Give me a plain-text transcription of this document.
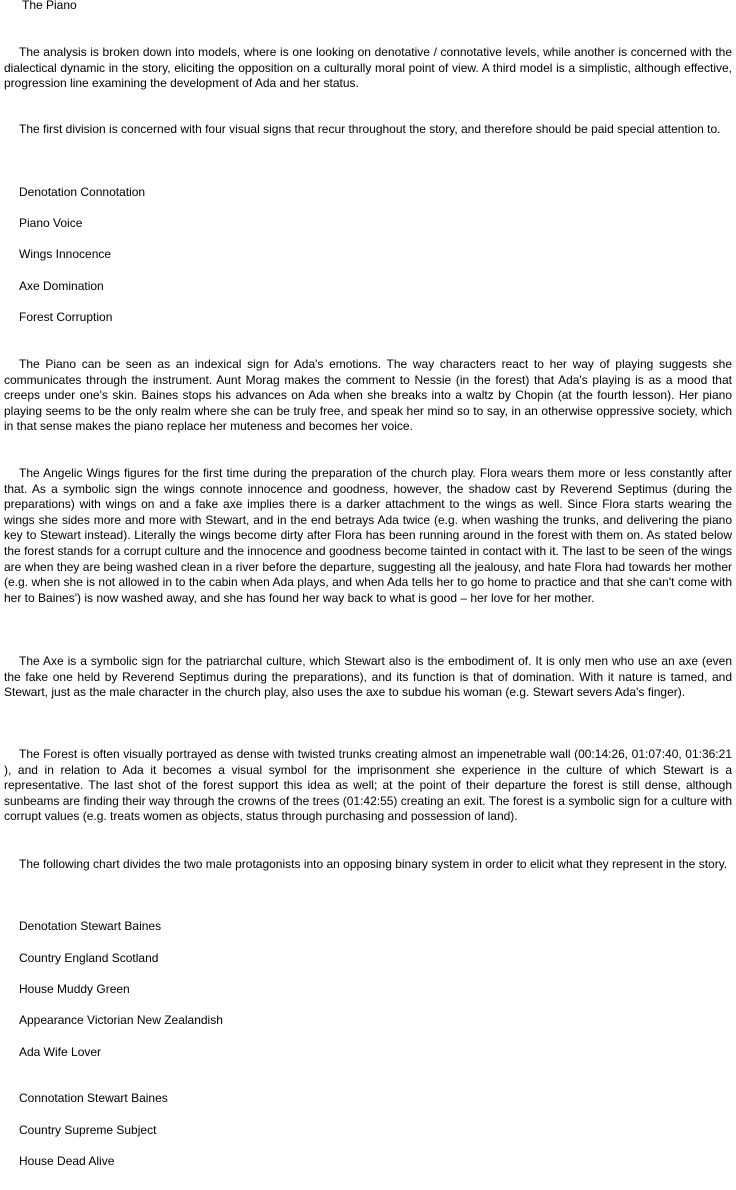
The Piano

The analysis is broken down into models, where is one looking on denotative / connotative levels, while another is concerned with the dialectical dynamic in the story, eliciting the opposition on a culturally moral point of view. A third model is a simplistic, although effective, progression line examining the development of Ada and her status.

The first division is concerned with four visual signs that recur throughout the story, and therefore should be paid special attention to.

Denotation Connotation
Piano Voice
Wings Innocence
Axe Domination
Forest Corruption

The Piano can be seen as an indexical sign for Ada's emotions. The way characters react to her way of playing suggests she communicates through the instrument. Aunt Morag makes the comment to Nessie (in the forest) that Ada's playing is as a mood that creeps under one's skin. Baines stops his advances on Ada when she breaks into a waltz by Chopin (at the fourth lesson). Her piano playing seems to be the only realm where she can be truly free, and speak her mind so to say, in an otherwise oppressive society, which in that sense makes the piano replace her muteness and becomes her voice.

The Angelic Wings figures for the first time during the preparation of the church play. Flora wears them more or less constantly after that. As a symbolic sign the wings connote innocence and goodness, however, the shadow cast by Reverend Septimus (during the preparations) with wings on and a fake axe implies there is a darker attachment to the wings as well. Since Flora starts wearing the wings she sides more and more with Stewart, and in the end betrays Ada twice (e.g. when washing the trunks, and delivering the piano key to Stewart instead). Literally the wings become dirty after Flora has been running around in the forest with them on. As stated below the forest stands for a corrupt culture and the innocence and goodness become tainted in contact with it. The last to be seen of the wings are when they are being washed clean in a river before the departure, suggesting all the jealousy, and hate Flora had towards her mother (e.g. when she is not allowed in to the cabin when Ada plays, and when Ada tells her to go home to practice and that she can't come with her to Baines') is now washed away, and she has found her way back to what is good – her love for her mother.

The Axe is a symbolic sign for the patriarchal culture, which Stewart also is the embodiment of. It is only men who use an axe (even the fake one held by Reverend Septimus during the preparations), and its function is that of domination. With it nature is tamed, and Stewart, just as the male character in the church play, also uses the axe to subdue his woman (e.g. Stewart severs Ada's finger).

The Forest is often visually portrayed as dense with twisted trunks creating almost an impenetrable wall (00:14:26, 01:07:40, 01:36:21 ), and in relation to Ada it becomes a visual symbol for the imprisonment she experience in the culture of which Stewart is a representative. The last shot of the forest support this idea as well; at the point of their departure the forest is still dense, although sunbeams are finding their way through the crowns of the trees (01:42:55) creating an exit. The forest is a symbolic sign for a culture with corrupt values (e.g. treats women as objects, status through purchasing and possession of land).

The following chart divides the two male protagonists into an opposing binary system in order to elicit what they represent in the story.

Denotation Stewart Baines
Country England Scotland
House Muddy Green
Appearance Victorian New Zealandish
Ada Wife Lover
Connotation Stewart Baines
Country Supreme Subject
House Dead Alive
